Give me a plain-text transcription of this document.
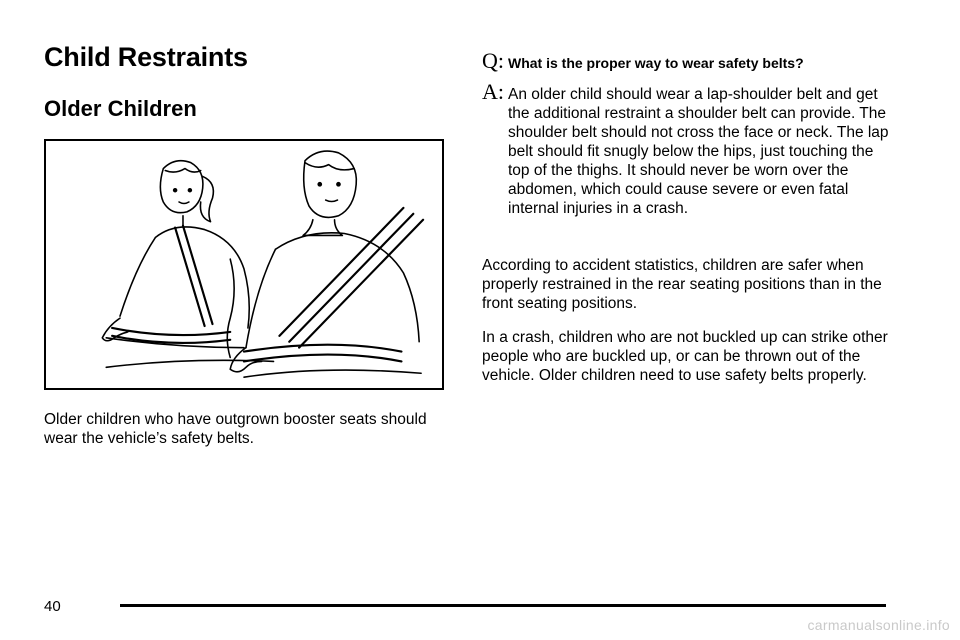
Child Restraints
Older Children

Older children who have outgrown booster seats should wear the vehicle’s safety belts.

Q: What is the proper way to wear safety belts?
A: An older child should wear a lap-shoulder belt and get the additional restraint a shoulder belt can provide. The shoulder belt should not cross the face or neck. The lap belt should fit snugly below the hips, just touching the top of the thighs. It should never be worn over the abdomen, which could cause severe or even fatal internal injuries in a crash.

According to accident statistics, children are safer when properly restrained in the rear seating positions than in the front seating positions.

In a crash, children who are not buckled up can strike other people who are buckled up, or can be thrown out of the vehicle. Older children need to use safety belts properly.

40
carmanualsonline.info
